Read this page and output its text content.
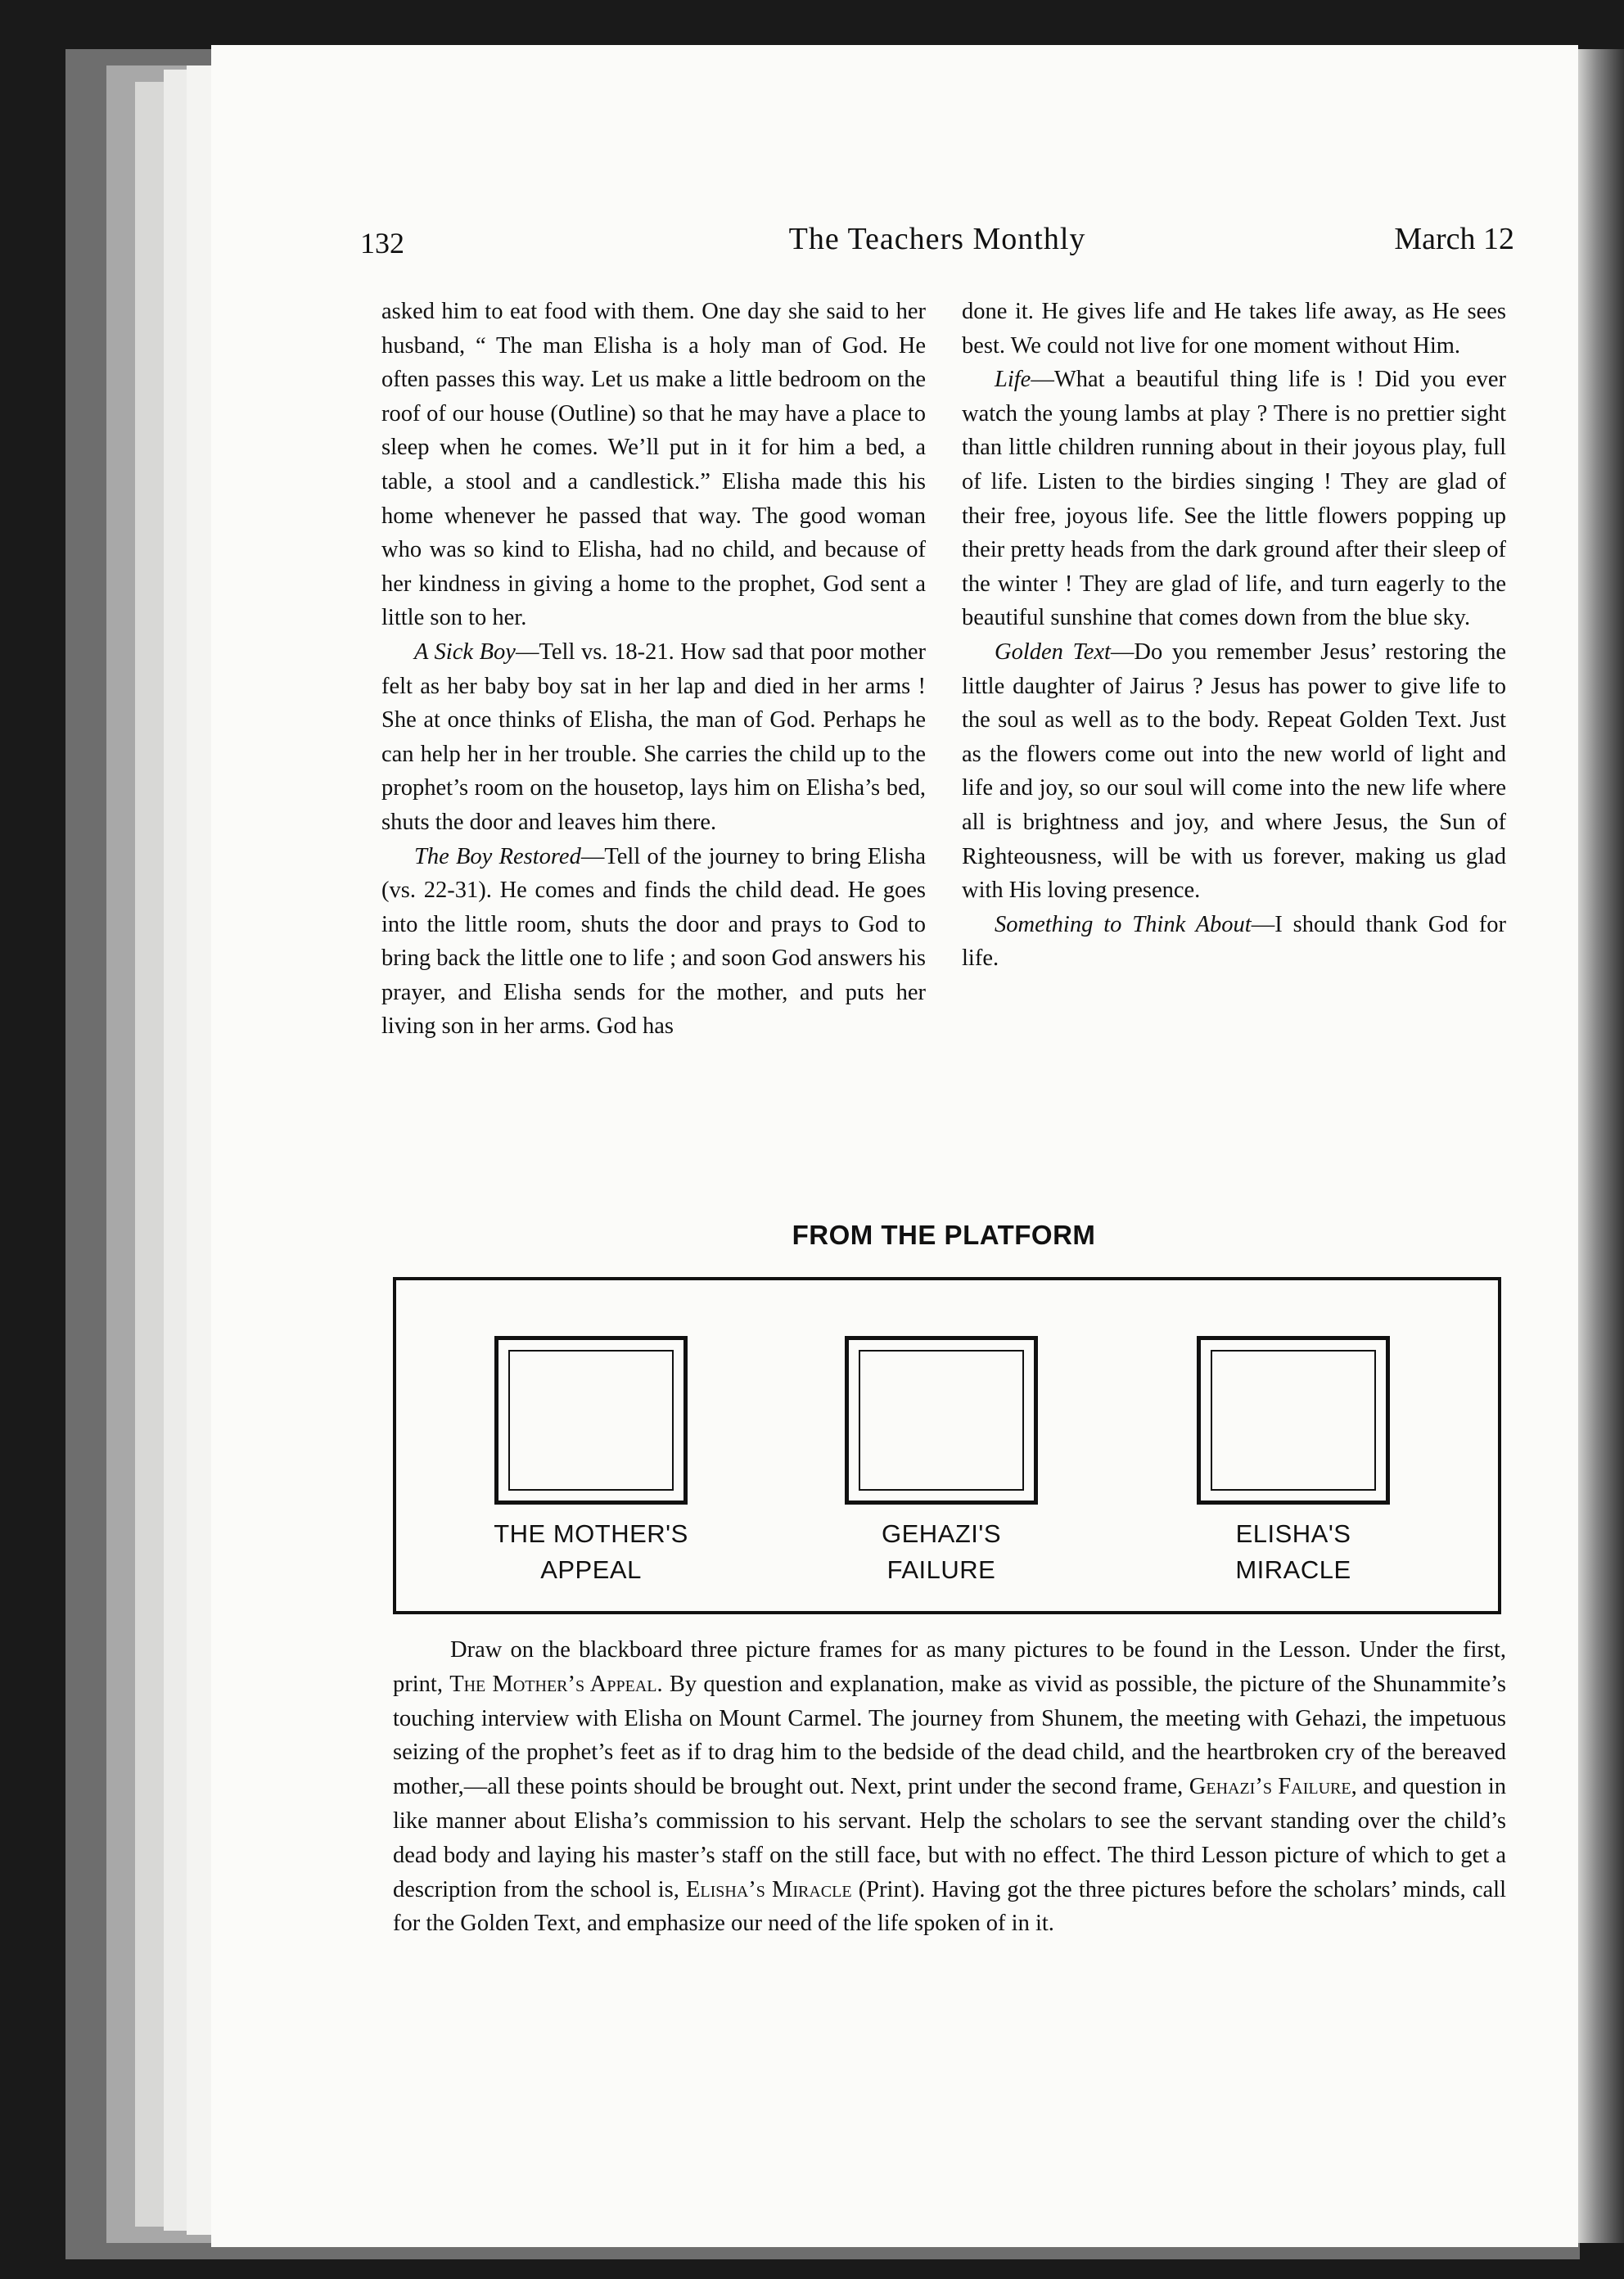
132	The Teachers Monthly	March 12

asked him to eat food with them. One day she said to her husband, “ The man Elisha is a holy man of God. He often passes this way. Let us make a little bedroom on the roof of our house (Outline) so that he may have a place to sleep when he comes. We’ll put in it for him a bed, a table, a stool and a candlestick.” Elisha made this his home whenever he passed that way. The good woman who was so kind to Elisha, had no child, and because of her kindness in giving a home to the prophet, God sent a little son to her.

A Sick Boy—Tell vs. 18-21. How sad that poor mother felt as her baby boy sat in her lap and died in her arms ! She at once thinks of Elisha, the man of God. Perhaps he can help her in her trouble. She carries the child up to the prophet’s room on the housetop, lays him on Elisha’s bed, shuts the door and leaves him there.

The Boy Restored—Tell of the journey to bring Elisha (vs. 22-31). He comes and finds the child dead. He goes into the little room, shuts the door and prays to God to bring back the little one to life ; and soon God answers his prayer, and Elisha sends for the mother, and puts her living son in her arms. God has

done it. He gives life and He takes life away, as He sees best. We could not live for one moment without Him.

Life—What a beautiful thing life is ! Did you ever watch the young lambs at play ? There is no prettier sight than little children running about in their joyous play, full of life. Listen to the birdies singing ! They are glad of their free, joyous life. See the little flowers popping up their pretty heads from the dark ground after their sleep of the winter ! They are glad of life, and turn eagerly to the beautiful sunshine that comes down from the blue sky.

Golden Text—Do you remember Jesus’ restoring the little daughter of Jairus ? Jesus has power to give life to the soul as well as to the body. Repeat Golden Text. Just as the flowers come out into the new world of light and life and joy, so our soul will come into the new life where all is brightness and joy, and where Jesus, the Sun of Righteousness, will be with us forever, making us glad with His loving presence.

Something to Think About—I should thank God for life.

FROM THE PLATFORM
THE MOTHER'S
APPEAL
GEHAZI'S
FAILURE
ELISHA'S
MIRACLE

Draw on the blackboard three picture frames for as many pictures to be found in the Lesson. Under the first, print, The Mother’s Appeal. By question and explanation, make as vivid as possible, the picture of the Shunammite’s touching interview with Elisha on Mount Carmel. The journey from Shunem, the meeting with Gehazi, the impetuous seizing of the prophet’s feet as if to drag him to the bedside of the dead child, and the heartbroken cry of the bereaved mother,—all these points should be brought out. Next, print under the second frame, Gehazi’s Failure, and question in like manner about Elisha’s commission to his servant. Help the scholars to see the servant standing over the child’s dead body and laying his master’s staff on the still face, but with no effect. The third Lesson picture of which to get a description from the school is, Elisha’s Miracle (Print). Having got the three pictures before the scholars’ minds, call for the Golden Text, and emphasize our need of the life spoken of in it.
